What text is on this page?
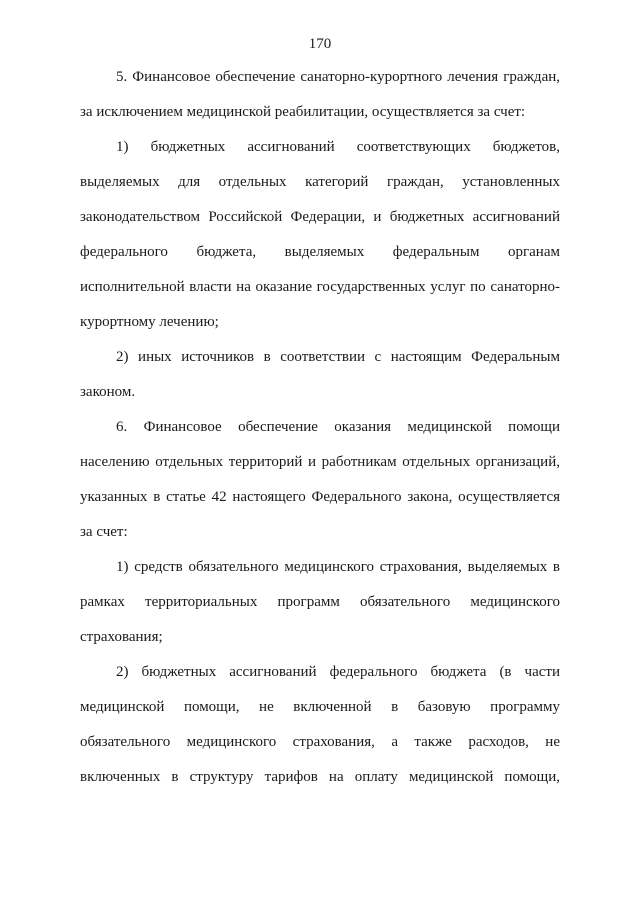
170

5. Финансовое обеспечение санаторно-курортного лечения граждан,
за исключением медицинской реабилитации, осуществляется за счет:

1) бюджетных ассигнований соответствующих бюджетов,
выделяемых для отдельных категорий граждан, установленных
законодательством Российской Федерации, и бюджетных ассигнований
федерального бюджета, выделяемых федеральным органам
исполнительной власти на оказание государственных услуг по санаторно-
курортному лечению;

2) иных источников в соответствии с настоящим Федеральным
законом.

6. Финансовое обеспечение оказания медицинской помощи
населению отдельных территорий и работникам отдельных организаций,
указанных в статье 42 настоящего Федерального закона, осуществляется
за счет:

1) средств обязательного медицинского страхования, выделяемых в
рамках территориальных программ обязательного медицинского
страхования;

2) бюджетных ассигнований федерального бюджета (в части
медицинской помощи, не включенной в базовую программу
обязательного медицинского страхования, а также расходов, не
включенных в структуру тарифов на оплату медицинской помощи,
